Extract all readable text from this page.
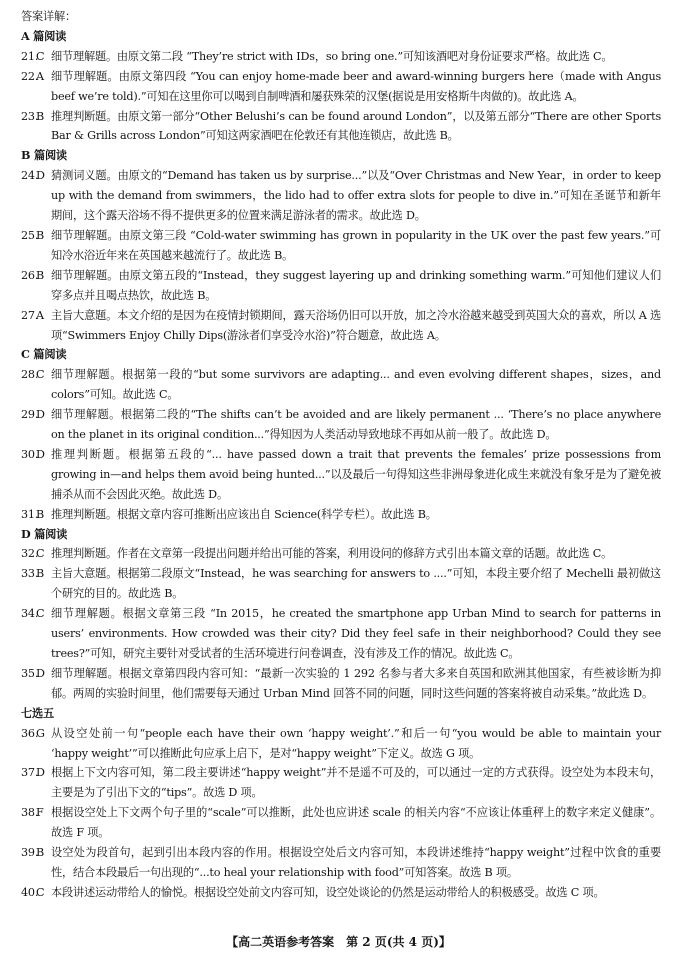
答案详解：
A 篇阅读
21.
C 细节理解题。由原文第二段 “They’re strict with IDs，so bring one.”可知该酒吧对身份证要求严格。故此选 C。
22.
A 细节理解题。由原文第四段 “You can enjoy home-made beer and award-winning burgers here（made with Angus beef we’re told).”可知在这里你可以喝到自制啤酒和屡获殊荣的汉堡(据说是用安格斯牛肉做的)。故此选 A。
23.
B 推理判断题。由原文第一部分“Other Belushi’s can be found around London”，以及第五部分“There are other Sports Bar & Grills across London”可知这两家酒吧在伦敦还有其他连锁店，故此选 B。
B 篇阅读
24.
D 猜测词义题。由原文的“Demand has taken us by surprise...”以及“Over Christmas and New Year，in order to keep up with the demand from swimmers，the lido had to offer extra slots for people to dive in.”可知在圣诞节和新年期间，这个露天浴场不得不提供更多的位置来满足游泳者的需求。故此选 D。
25.
B 细节理解题。由原文第三段 “Cold-water swimming has grown in popularity in the UK over the past few years.”可知冷水浴近年来在英国越来越流行了。故此选 B。
26.
B 细节理解题。由原文第五段的“Instead，they suggest layering up and drinking something warm.”可知他们建议人们穿多点并且喝点热饮，故此选 B。
27.
A 主旨大意题。本文介绍的是因为在疫情封锁期间，露天浴场仍旧可以开放，加之冷水浴越来越受到英国大众的喜欢，所以 A 选项“Swimmers Enjoy Chilly Dips(游泳者们享受冷水浴)”符合题意，故此选 A。
C 篇阅读
28.
C 细节理解题。根据第一段的“but some survivors are adapting... and even evolving different shapes，sizes，and colors”可知。故此选 C。
29.
D 细节理解题。根据第二段的“The shifts can’t be avoided and are likely permanent ... ‘There’s no place anywhere on the planet in its original condition...”得知因为人类活动导致地球不再如从前一般了。故此选 D。
30.
D 推理判断题。根据第五段的“... have passed down a trait that prevents the females’ prize possessions from growing in—and helps them avoid being hunted...”以及最后一句得知这些非洲母象进化成生来就没有象牙是为了避免被捕杀从而不会因此灭绝。故此选 D。
31.
B 推理判断题。根据文章内容可推断出应该出自 Science(科学专栏）。故此选 B。
D 篇阅读
32.
C 推理判断题。作者在文章第一段提出问题并给出可能的答案，利用设问的修辞方式引出本篇文章的话题。故此选 C。
33.
B 主旨大意题。根据第二段原文“Instead，he was searching for answers to ....”可知，本段主要介绍了 Mechelli 最初做这个研究的目的。故此选 B。
34.
C 细节理解题。根据文章第三段 “In 2015，he created the smartphone app Urban Mind to search for patterns in users’ environments. How crowded was their city? Did they feel safe in their neighborhood? Could they see trees?”可知，研究主要针对受试者的生活环境进行问卷调查，没有涉及工作的情况。故此选 C。
35.
D 细节理解题。根据文章第四段内容可知：“最新一次实验的 1 292 名参与者大多来自英国和欧洲其他国家，有些被诊断为抑郁。两周的实验时间里，他们需要每天通过 Urban Mind 回答不同的问题，同时这些问题的答案将被自动采集。”故此选 D。
七选五
36.
G 从设空处前一句“people each have their own ‘happy weight’.”和后一句“you would be able to maintain your ‘happy weight’”可以推断此句应承上启下，是对“happy weight”下定义。故选 G 项。
37.
D 根据上下文内容可知，第二段主要讲述“happy weight”并不是遥不可及的，可以通过一定的方式获得。设空处为本段末句，主要是为了引出下文的“tips”。故选 D 项。
38.
F 根据设空处上下文两个句子里的“scale”可以推断，此处也应讲述 scale 的相关内容“不应该让体重秤上的数字来定义健康”。故选 F 项。
39.
B 设空处为段首句，起到引出本段内容的作用。根据设空处后文内容可知，本段讲述维持“happy weight”过程中饮食的重要性，结合本段最后一句出现的“...to heal your relationship with food”可知答案。故选 B 项。
40.
C 本段讲述运动带给人的愉悦。根据设空处前文内容可知，设空处谈论的仍然是运动带给人的积极感受。故选 C 项。
【高二英语参考答案　第 2 页(共 4 页)】
